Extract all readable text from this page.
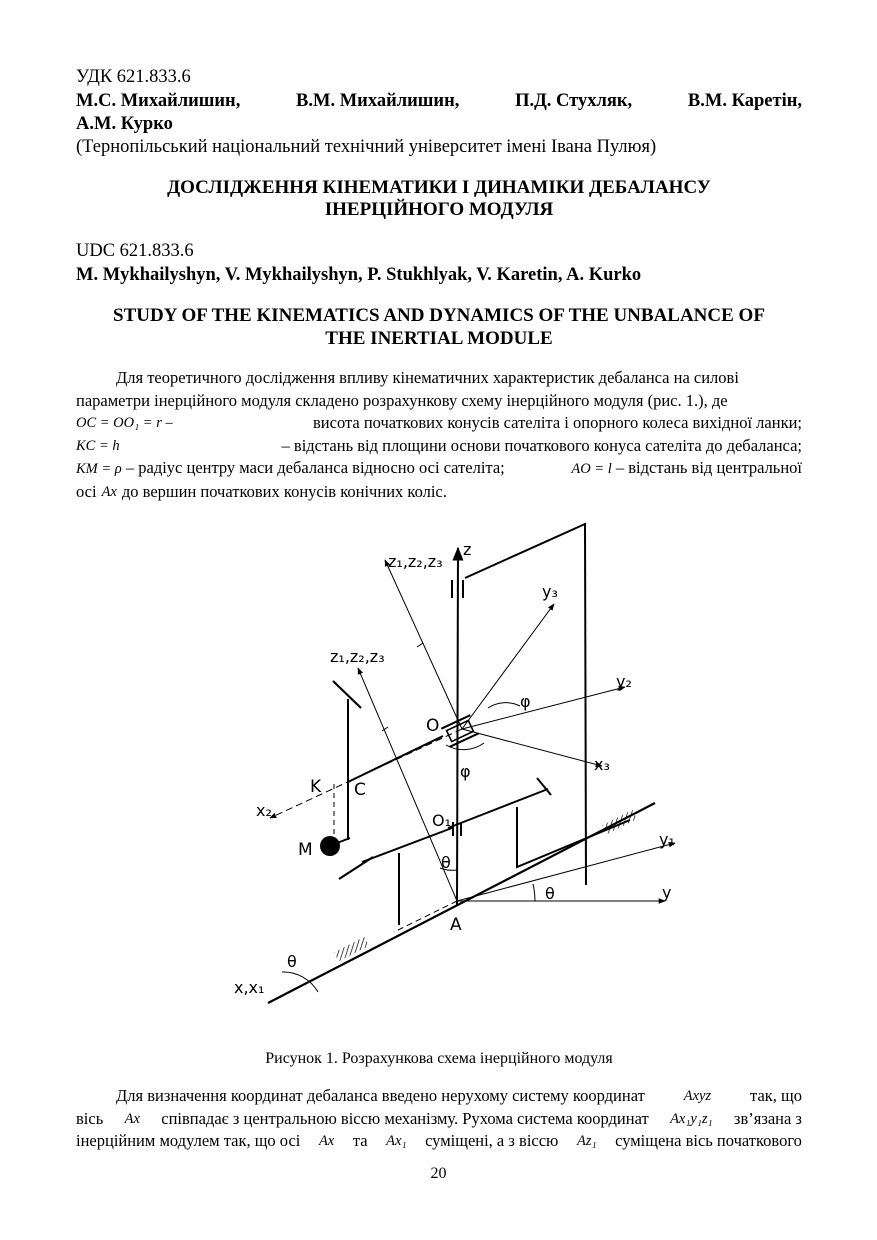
УДК 621.833.6
М.С. Михайлишин,	В.М. Михайлишин,	П.Д. Стухляк,	В.М. Каретін,
А.М. Курко
(Тернопільський національний технічний університет імені Івана Пулюя)
ДОСЛІДЖЕННЯ КІНЕМАТИКИ І ДИНАМІКИ ДЕБАЛАНСУ
ІНЕРЦІЙНОГО МОДУЛЯ
UDC 621.833.6
M. Mykhailyshyn, V. Mykhailyshyn, P. Stukhlyak, V. Karetin, A. Kurko
STUDY OF THE KINEMATICS AND DYNAMICS OF THE UNBALANCE OF
THE INERTIAL MODULE
Для теоретичного дослідження впливу кінематичних характеристик дебаланса на силові
параметри інерційного модуля складено розрахункову схему інерційного модуля (рис. 1.), де
OC = OO₁ = r –	висота початкових конусів сателіта і опорного колеса вихідної ланки;
KC = h	– відстань від площини основи початкового конуса сателіта до дебаланса;
KM = ρ – радіус центру маси дебаланса відносно осі сателіта;	AO = l – відстань від центральної
осі Ax до вершин початкових конусів конічних коліс.
z
z₁,z₂,z₃
y₃
z₁,z₂,z₃
y₂
φ
O
x₃
φ
K C
x₂
O₁
y₁
M
θ
θ	y
A
θ
x,x₁
Рисунок 1. Розрахункова схема інерційного модуля
Для визначення координат дебаланса введено нерухому систему координат	Axyz так, що
вісь Ax співпадає з центральною віссю механізму. Рухома система координат Ax₁y₁z₁ зв’язана з
інерційним модулем так, що осі Ax та Ax₁ суміщені, а з віссю Az₁ суміщена вісь початкового
20
